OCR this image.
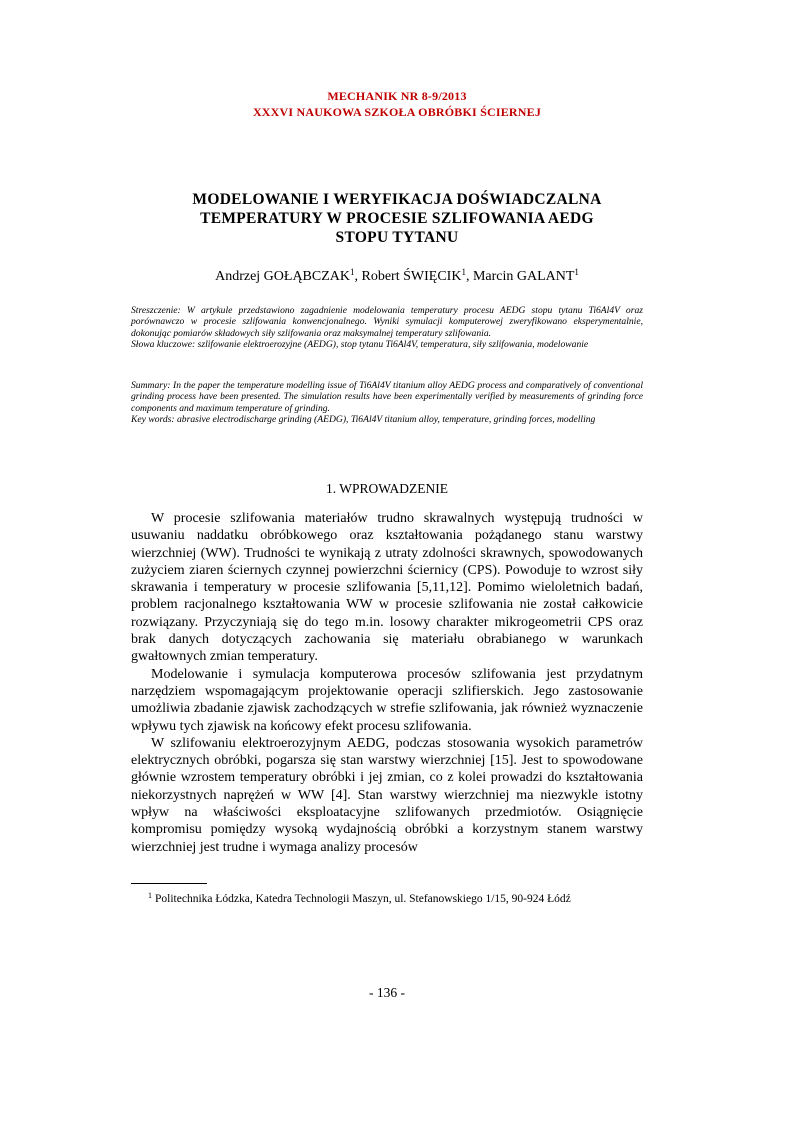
MECHANIK NR 8-9/2013
XXXVI NAUKOWA SZKOŁA OBRÓBKI ŚCIERNEJ
MODELOWANIE I WERYFIKACJA DOŚWIADCZALNA
TEMPERATURY W PROCESIE SZLIFOWANIA AEDG
STOPU TYTANU
Andrzej GOŁĄBCZAK$^1$, Robert ŚWIĘCIK$^1$, Marcin GALANT$^1$

Streszczenie: W artykule przedstawiono zagadnienie modelowania temperatury procesu AEDG stopu tytanu Ti6Al4V oraz porównawczo w procesie szlifowania konwencjonalnego. Wyniki symulacji komputerowej zweryfikowano eksperymentalnie, dokonując pomiarów składowych siły szlifowania oraz maksymalnej temperatury szlifowania.

Słowa kluczowe: szlifowanie elektroerozyjne (AEDG), stop tytanu Ti6Al4V, temperatura, siły szlifowania, modelowanie

Summary: In the paper the temperature modelling issue of Ti6Al4V titanium alloy AEDG process and comparatively of conventional grinding process have been presented. The simulation results have been experimentally verified by measurements of grinding force components and maximum temperature of grinding.

Key words: abrasive electrodischarge grinding (AEDG), Ti6Al4V titanium alloy, temperature, grinding forces, modelling

1. WPROWADZENIE

W procesie szlifowania materiałów trudno skrawalnych występują trudności w usuwaniu naddatku obróbkowego oraz kształtowania pożądanego stanu warstwy wierzchniej (WW). Trudności te wynikają z utraty zdolności skrawnych, spowodowanych zużyciem ziaren ściernych czynnej powierzchni ściernicy (CPS). Powoduje to wzrost siły skrawania i temperatury w procesie szlifowania [5,11,12]. Pomimo wieloletnich badań, problem racjonalnego kształtowania WW w procesie szlifowania nie został całkowicie rozwiązany. Przyczyniają się do tego m.in. losowy charakter mikrogeometrii CPS oraz brak danych dotyczących zachowania się materiału obrabianego w warunkach gwałtownych zmian temperatury.

Modelowanie i symulacja komputerowa procesów szlifowania jest przydatnym narzędziem wspomagającym projektowanie operacji szlifierskich. Jego zastosowanie umożliwia zbadanie zjawisk zachodzących w strefie szlifowania, jak również wyznaczenie wpływu tych zjawisk na końcowy efekt procesu szlifowania.

W szlifowaniu elektroerozyjnym AEDG, podczas stosowania wysokich parametrów elektrycznych obróbki, pogarsza się stan warstwy wierzchniej [15]. Jest to spowodowane głównie wzrostem temperatury obróbki i jej zmian, co z kolei prowadzi do kształtowania niekorzystnych naprężeń w WW [4]. Stan warstwy wierzchniej ma niezwykle istotny wpływ na właściwości eksploatacyjne szlifowanych przedmiotów. Osiągnięcie kompromisu pomiędzy wysoką wydajnością obróbki a korzystnym stanem warstwy wierzchniej jest trudne i wymaga analizy procesów

$^1$ Politechnika Łódzka, Katedra Technologii Maszyn, ul. Stefanowskiego 1/15, 90-924 Łódź
- 136 -
